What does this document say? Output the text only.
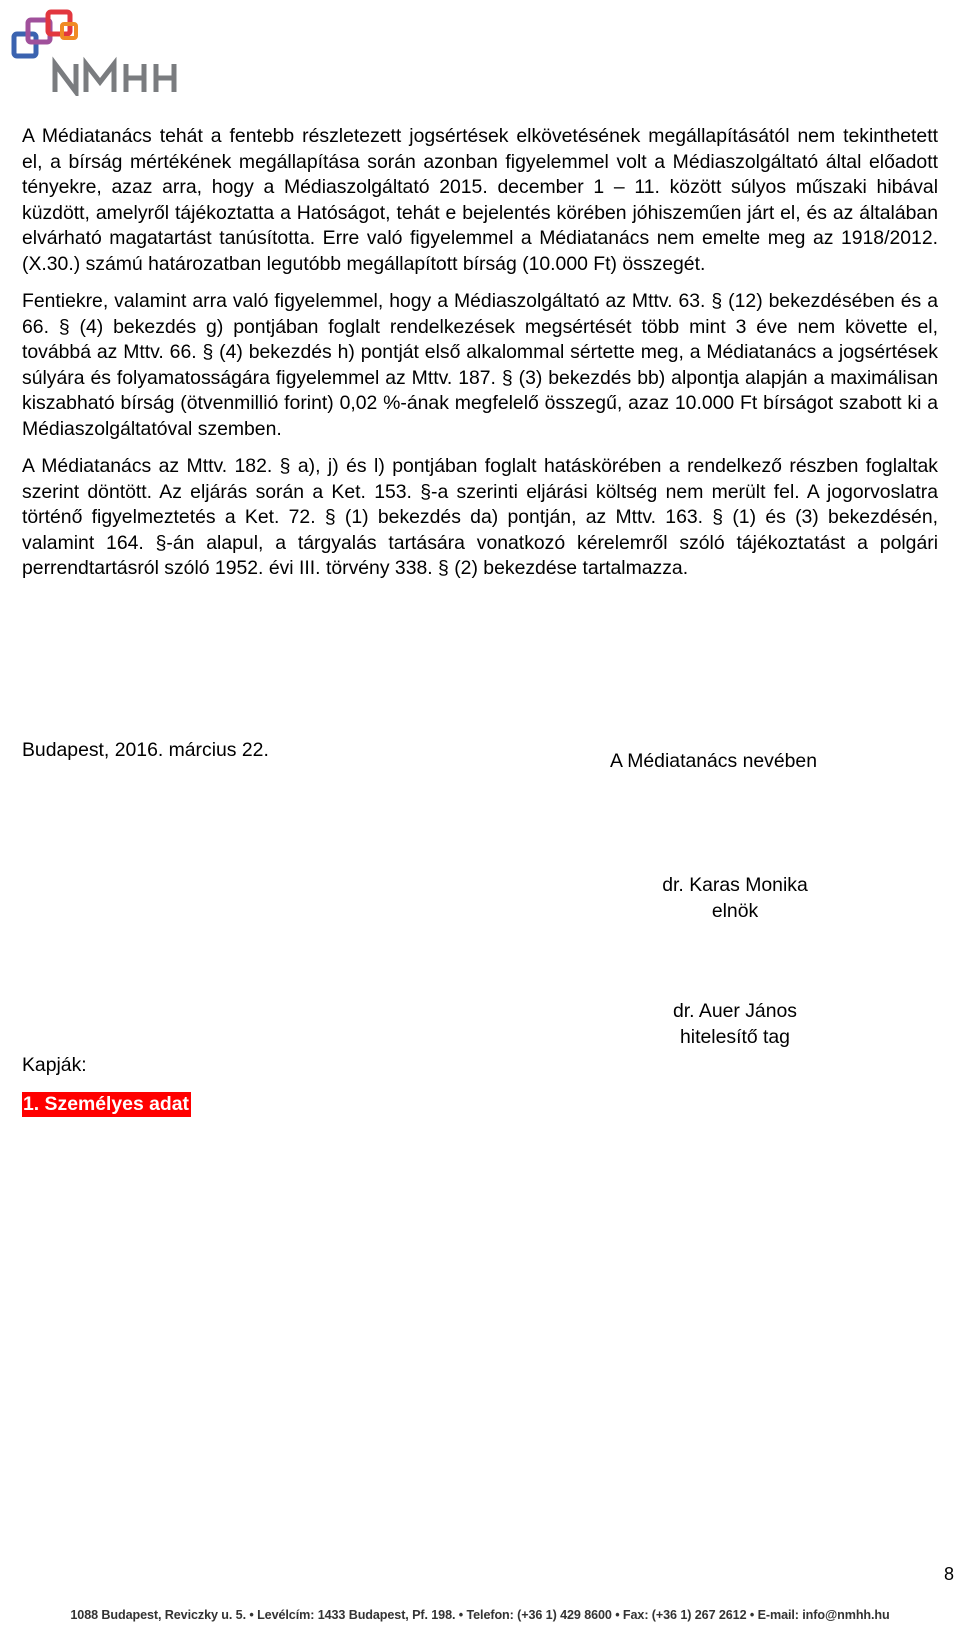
A Médiatanács tehát a fentebb részletezett jogsértések elkövetésének megállapításától nem tekinthetett el, a bírság mértékének megállapítása során azonban figyelemmel volt a Médiaszolgáltató által előadott tényekre, azaz arra, hogy a Médiaszolgáltató 2015. december 1 – 11. között súlyos műszaki hibával küzdött, amelyről tájékoztatta a Hatóságot, tehát e bejelentés körében jóhiszeműen járt el, és az általában elvárható magatartást tanúsította. Erre való figyelemmel a Médiatanács nem emelte meg az 1918/2012. (X.30.) számú határozatban legutóbb megállapított bírság (10.000 Ft) összegét.

Fentiekre, valamint arra való figyelemmel, hogy a Médiaszolgáltató az Mttv. 63. § (12) bekezdésében és a 66. § (4) bekezdés g) pontjában foglalt rendelkezések megsértését több mint 3 éve nem követte el, továbbá az Mttv. 66. § (4) bekezdés h) pontját első alkalommal sértette meg, a Médiatanács a jogsértések súlyára és folyamatosságára figyelemmel az Mttv. 187. § (3) bekezdés bb) alpontja alapján a maximálisan kiszabható bírság (ötvenmillió forint) 0,02 %-ának megfelelő összegű, azaz 10.000 Ft bírságot szabott ki a Médiaszolgáltatóval szemben.

A Médiatanács az Mttv. 182. § a), j) és l) pontjában foglalt hatáskörében a rendelkező részben foglaltak szerint döntött. Az eljárás során a Ket. 153. §-a szerinti eljárási költség nem merült fel. A jogorvoslatra történő figyelmeztetés a Ket. 72. § (1) bekezdés da) pontján, az Mttv. 163. § (1) és (3) bekezdésén, valamint 164. §-án alapul, a tárgyalás tartására vonatkozó kérelemről szóló tájékoztatást a polgári perrendtartásról szóló 1952. évi III. törvény 338. § (2) bekezdése tartalmazza.

Budapest, 2016. március 22.	A Médiatanács nevében
dr. Karas Monika
elnök
dr. Auer János
hitelesítő tag
Kapják:
1. Személyes adat
8
1088 Budapest, Reviczky u. 5. • Levélcím: 1433 Budapest, Pf. 198. • Telefon: (+36 1) 429 8600 • Fax: (+36 1) 267 2612 • E-mail: info@nmhh.hu
